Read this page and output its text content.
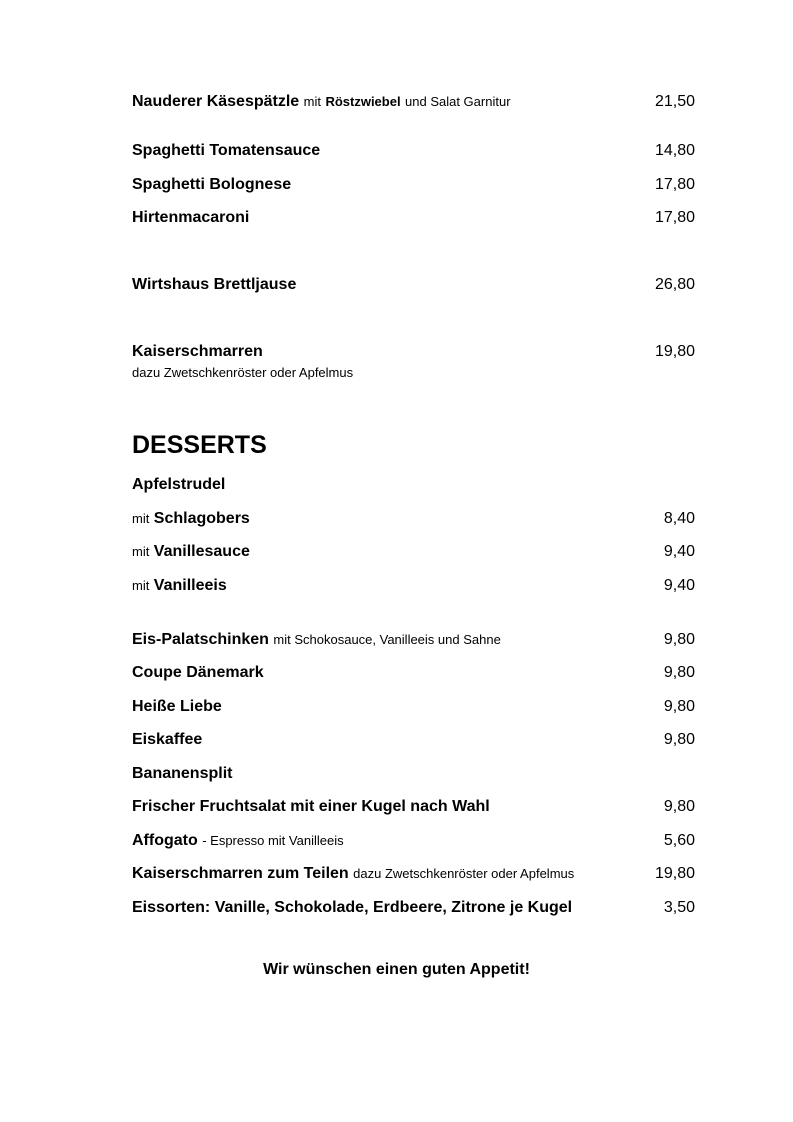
Nauderer Käsespätzle mit Röstzwiebel und Salat Garnitur	21,50
Spaghetti Tomatensauce	14,80
Spaghetti Bolognese	17,80
Hirtenmacaroni	17,80
Wirtshaus Brettljause	26,80
Kaiserschmarren	19,80
dazu Zwetschkenröster oder Apfelmus
DESSERTS
Apfelstrudel
mit Schlagobers	8,40
mit Vanillesauce	9,40
mit Vanilleeis	9,40
Eis-Palatschinken mit Schokosauce, Vanilleeis und Sahne	9,80
Coupe Dänemark	9,80
Heiße Liebe	9,80
Eiskaffee	9,80
Bananensplit
Frischer Fruchtsalat mit einer Kugel nach Wahl	9,80
Affogato - Espresso mit Vanilleeis	5,60
Kaiserschmarren zum Teilen dazu Zwetschkenröster oder Apfelmus	19,80
Eissorten: Vanille, Schokolade, Erdbeere, Zitrone je Kugel	3,50
Wir wünschen einen guten Appetit!
